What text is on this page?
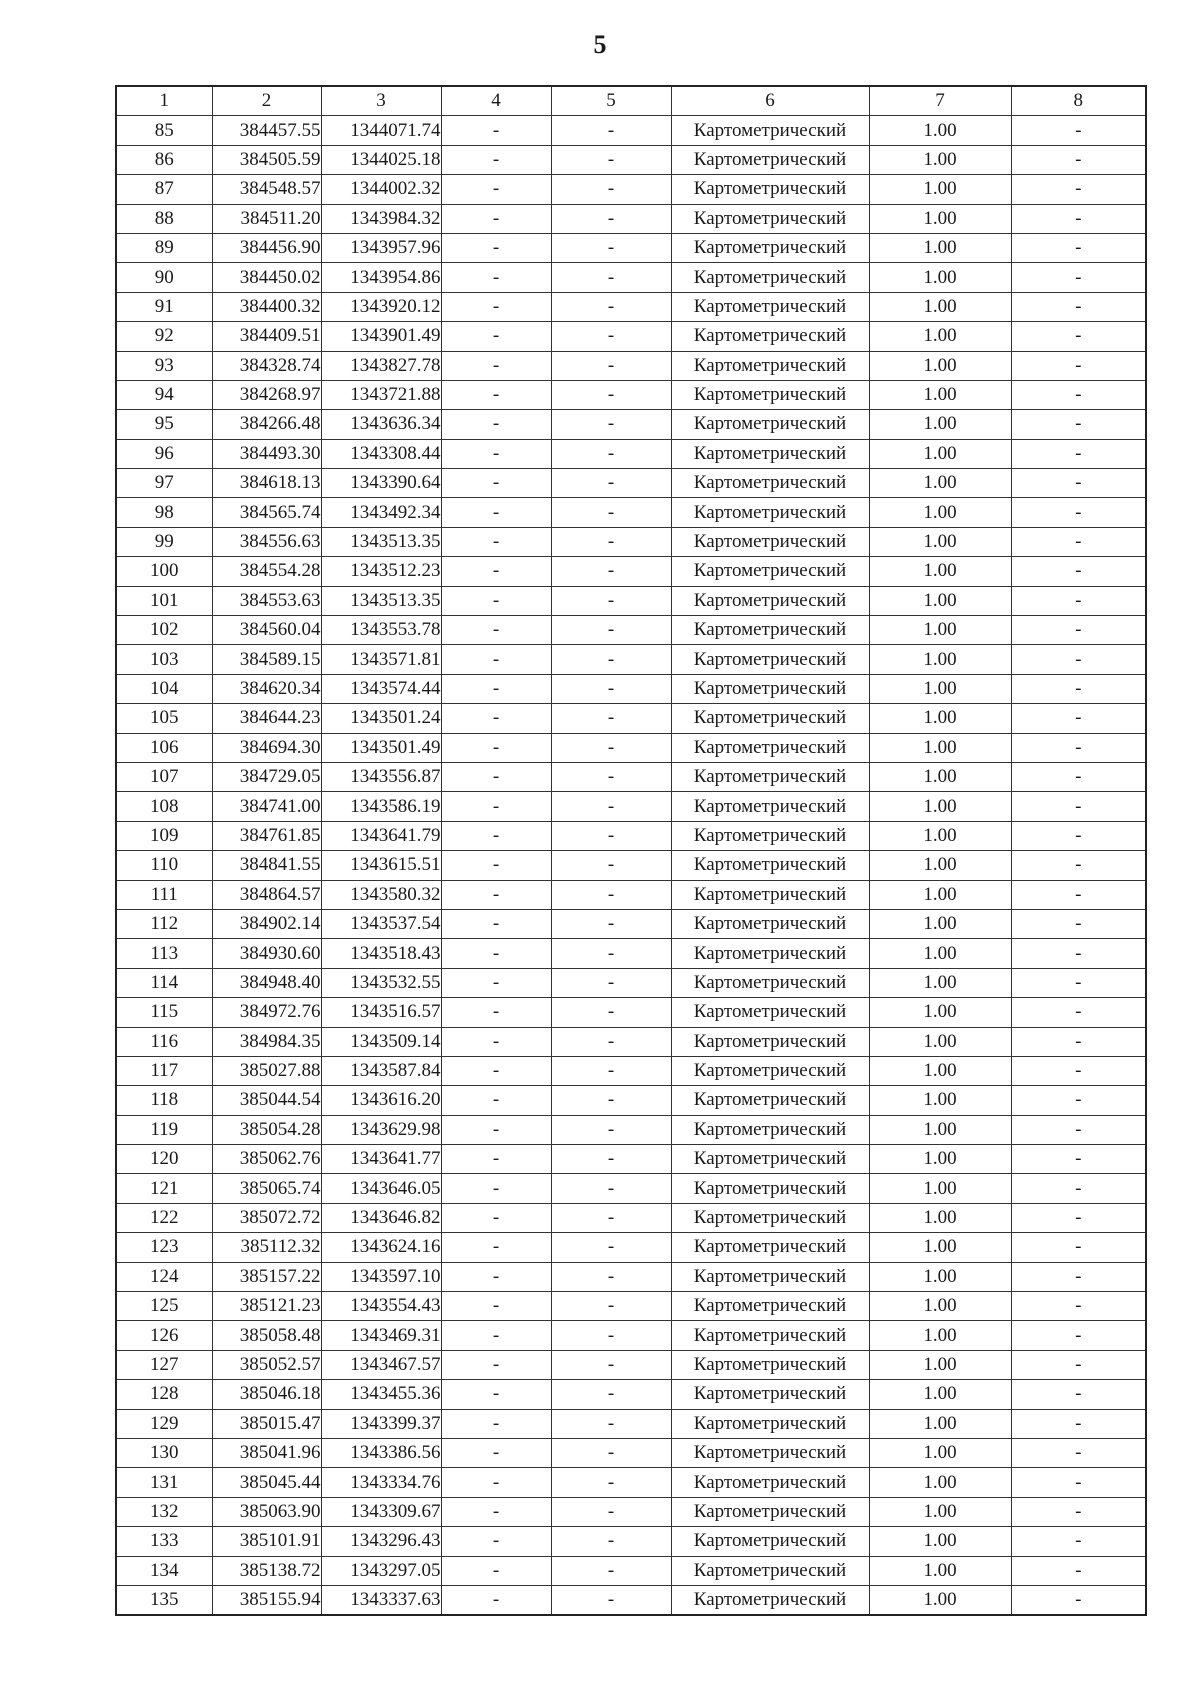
5
1	2	3	4	5	6	7	8
85	384457.55	1344071.74	-	-	Картометрический	1.00	-
86	384505.59	1344025.18	-	-	Картометрический	1.00	-
87	384548.57	1344002.32	-	-	Картометрический	1.00	-
88	384511.20	1343984.32	-	-	Картометрический	1.00	-
89	384456.90	1343957.96	-	-	Картометрический	1.00	-
90	384450.02	1343954.86	-	-	Картометрический	1.00	-
91	384400.32	1343920.12	-	-	Картометрический	1.00	-
92	384409.51	1343901.49	-	-	Картометрический	1.00	-
93	384328.74	1343827.78	-	-	Картометрический	1.00	-
94	384268.97	1343721.88	-	-	Картометрический	1.00	-
95	384266.48	1343636.34	-	-	Картометрический	1.00	-
96	384493.30	1343308.44	-	-	Картометрический	1.00	-
97	384618.13	1343390.64	-	-	Картометрический	1.00	-
98	384565.74	1343492.34	-	-	Картометрический	1.00	-
99	384556.63	1343513.35	-	-	Картометрический	1.00	-
100	384554.28	1343512.23	-	-	Картометрический	1.00	-
101	384553.63	1343513.35	-	-	Картометрический	1.00	-
102	384560.04	1343553.78	-	-	Картометрический	1.00	-
103	384589.15	1343571.81	-	-	Картометрический	1.00	-
104	384620.34	1343574.44	-	-	Картометрический	1.00	-
105	384644.23	1343501.24	-	-	Картометрический	1.00	-
106	384694.30	1343501.49	-	-	Картометрический	1.00	-
107	384729.05	1343556.87	-	-	Картометрический	1.00	-
108	384741.00	1343586.19	-	-	Картометрический	1.00	-
109	384761.85	1343641.79	-	-	Картометрический	1.00	-
110	384841.55	1343615.51	-	-	Картометрический	1.00	-
111	384864.57	1343580.32	-	-	Картометрический	1.00	-
112	384902.14	1343537.54	-	-	Картометрический	1.00	-
113	384930.60	1343518.43	-	-	Картометрический	1.00	-
114	384948.40	1343532.55	-	-	Картометрический	1.00	-
115	384972.76	1343516.57	-	-	Картометрический	1.00	-
116	384984.35	1343509.14	-	-	Картометрический	1.00	-
117	385027.88	1343587.84	-	-	Картометрический	1.00	-
118	385044.54	1343616.20	-	-	Картометрический	1.00	-
119	385054.28	1343629.98	-	-	Картометрический	1.00	-
120	385062.76	1343641.77	-	-	Картометрический	1.00	-
121	385065.74	1343646.05	-	-	Картометрический	1.00	-
122	385072.72	1343646.82	-	-	Картометрический	1.00	-
123	385112.32	1343624.16	-	-	Картометрический	1.00	-
124	385157.22	1343597.10	-	-	Картометрический	1.00	-
125	385121.23	1343554.43	-	-	Картометрический	1.00	-
126	385058.48	1343469.31	-	-	Картометрический	1.00	-
127	385052.57	1343467.57	-	-	Картометрический	1.00	-
128	385046.18	1343455.36	-	-	Картометрический	1.00	-
129	385015.47	1343399.37	-	-	Картометрический	1.00	-
130	385041.96	1343386.56	-	-	Картометрический	1.00	-
131	385045.44	1343334.76	-	-	Картометрический	1.00	-
132	385063.90	1343309.67	-	-	Картометрический	1.00	-
133	385101.91	1343296.43	-	-	Картометрический	1.00	-
134	385138.72	1343297.05	-	-	Картометрический	1.00	-
135	385155.94	1343337.63	-	-	Картометрический	1.00	-
